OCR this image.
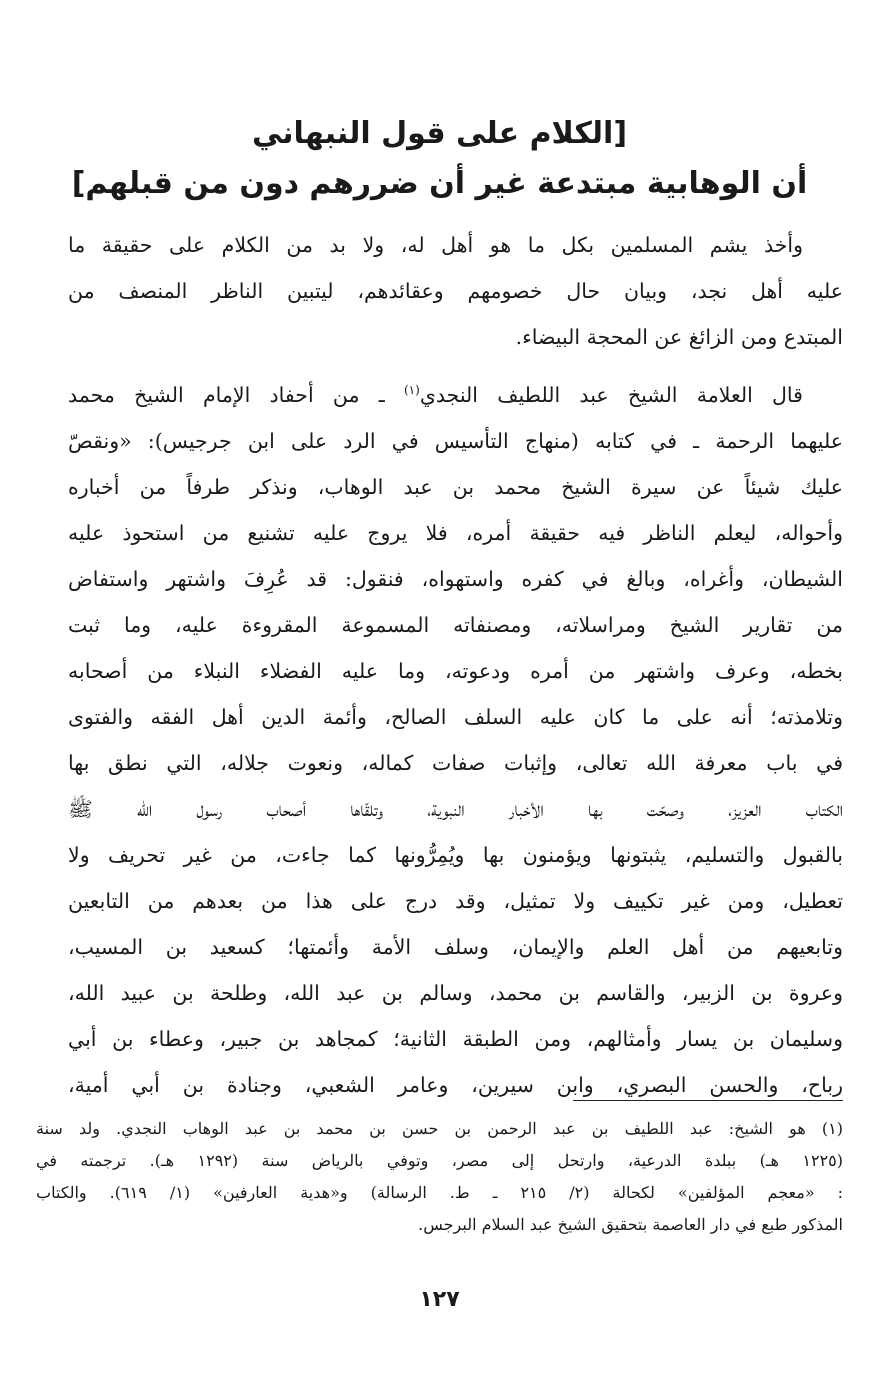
[الكلام على قول النبهاني
أن الوهابية مبتدعة غير أن ضررهم دون من قبلهم]
وأخذ يشم المسلمين بكل ما هو أهل له، ولا بد من الكلام على حقيقة ما
عليه أهل نجد، وبيان حال خصومهم وعقائدهم، ليتبين الناظر المنصف من
المبتدع ومن الزائغ عن المحجة البيضاء.
قال العلامة الشيخ عبد اللطيف النجدي$^{(١)}$ ـ من أحفاد الإمام الشيخ محمد
عليهما الرحمة ـ في كتابه (منهاج التأسيس في الرد على ابن جرجيس): «ونقصّ
عليك شيئاً عن سيرة الشيخ محمد بن عبد الوهاب، ونذكر طرفاً من أخباره
وأحواله، ليعلم الناظر فيه حقيقة أمره، فلا يروج عليه تشنيع من استحوذ عليه
الشيطان، وأغراه، وبالغ في كفره واستهواه، فنقول: قد عُرِفَ واشتهر واستفاض
من تقارير الشيخ ومراسلاته، ومصنفاته المسموعة المقروءة عليه، وما ثبت
بخطه، وعرف واشتهر من أمره ودعوته، وما عليه الفضلاء النبلاء من أصحابه
وتلامذته؛ أنه على ما كان عليه السلف الصالح، وأئمة الدين أهل الفقه والفتوى
في باب معرفة الله تعالى، وإثبات صفات كماله، ونعوت جلاله، التي نطق بها
الكتاب العزيز، وصحّت بها الأخبار النبوية، وتلقّاها أصحاب رسول الله ﷺ
بالقبول والتسليم، يثبتونها ويؤمنون بها ويُمِرُّونها كما جاءت، من غير تحريف ولا
تعطيل، ومن غير تكييف ولا تمثيل، وقد درج على هذا من بعدهم من التابعين
وتابعيهم من أهل العلم والإيمان، وسلف الأمة وأئمتها؛ كسعيد بن المسيب،
وعروة بن الزبير، والقاسم بن محمد، وسالم بن عبد الله، وطلحة بن عبيد الله،
وسليمان بن يسار وأمثالهم، ومن الطبقة الثانية؛ كمجاهد بن جبير، وعطاء بن أبي
رباح، والحسن البصري، وابن سيرين، وعامر الشعبي، وجنادة بن أبي أمية،
(١) هو الشيخ: عبد اللطيف بن عبد الرحمن بن حسن بن محمد بن عبد الوهاب النجدي. ولد سنة
(١٢٢٥ هـ) ببلدة الدرعية، وارتحل إلى مصر، وتوفي بالرياض سنة (١٢٩٢ هـ). ترجمته في
: «معجم المؤلفين» لكحالة (٢/ ٢١٥ ـ ط. الرسالة) و«هدية العارفين» (١/ ٦١٩). والكتاب
المذكور طبع في دار العاصمة بتحقيق الشيخ عبد السلام البرجس.
١٢٧
